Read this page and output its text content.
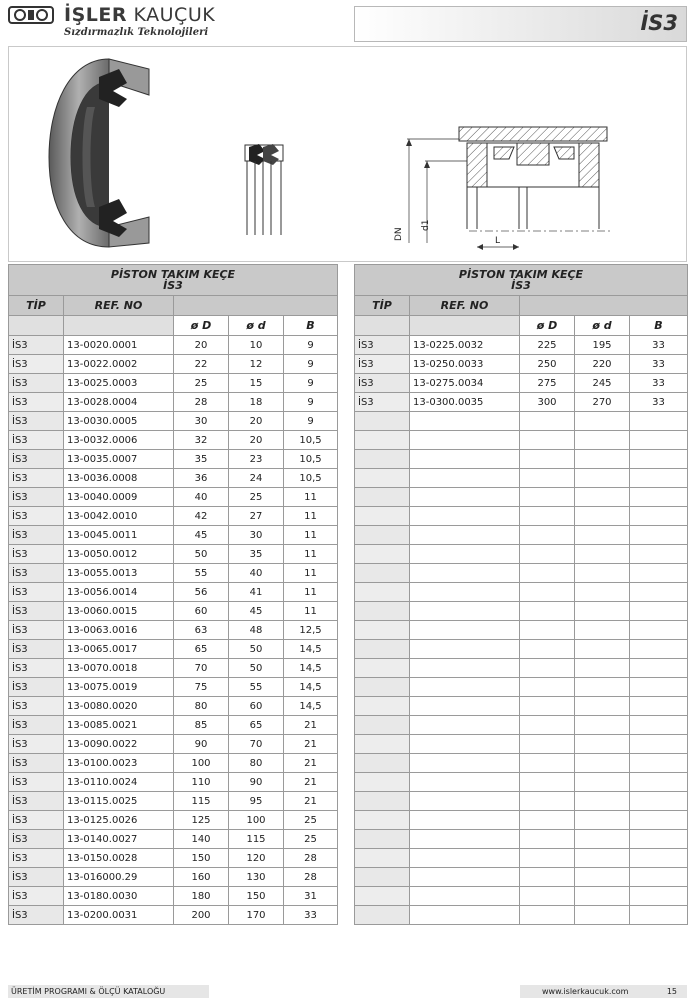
İŞLER KAUÇUK
Sızdırmazlık Teknolojileri	İS3
DN
d1
L
PİSTON TAKIM KEÇE
İS3				
TİP	REF. NO			
		ø D	ø d	B
İS3	13-0020.0001	20	10	9
İS3	13-0022.0002	22	12	9
İS3	13-0025.0003	25	15	9
İS3	13-0028.0004	28	18	9
İS3	13-0030.0005	30	20	9
İS3	13-0032.0006	32	20	10,5
İS3	13-0035.0007	35	23	10,5
İS3	13-0036.0008	36	24	10,5
İS3	13-0040.0009	40	25	11
İS3	13-0042.0010	42	27	11
İS3	13-0045.0011	45	30	11
İS3	13-0050.0012	50	35	11
İS3	13-0055.0013	55	40	11
İS3	13-0056.0014	56	41	11
İS3	13-0060.0015	60	45	11
İS3	13-0063.0016	63	48	12,5
İS3	13-0065.0017	65	50	14,5
İS3	13-0070.0018	70	50	14,5
İS3	13-0075.0019	75	55	14,5
İS3	13-0080.0020	80	60	14,5
İS3	13-0085.0021	85	65	21
İS3	13-0090.0022	90	70	21
İS3	13-0100.0023	100	80	21
İS3	13-0110.0024	110	90	21
İS3	13-0115.0025	115	95	21
İS3	13-0125.0026	125	100	25
İS3	13-0140.0027	140	115	25
İS3	13-0150.0028	150	120	28
İS3	13-016000.29	160	130	28
İS3	13-0180.0030	180	150	31
İS3	13-0200.0031	200	170	33
PİSTON TAKIM KEÇE
İS3				
TİP	REF. NO			
		ø D	ø d	B
İS3	13-0225.0032	225	195	33
İS3	13-0250.0033	250	220	33
İS3	13-0275.0034	275	245	33
İS3	13-0300.0035	300	270	33

ÜRETİM PROGRAMI & ÖLÇÜ KATALOĞU	www.islerkaucuk.com	15
